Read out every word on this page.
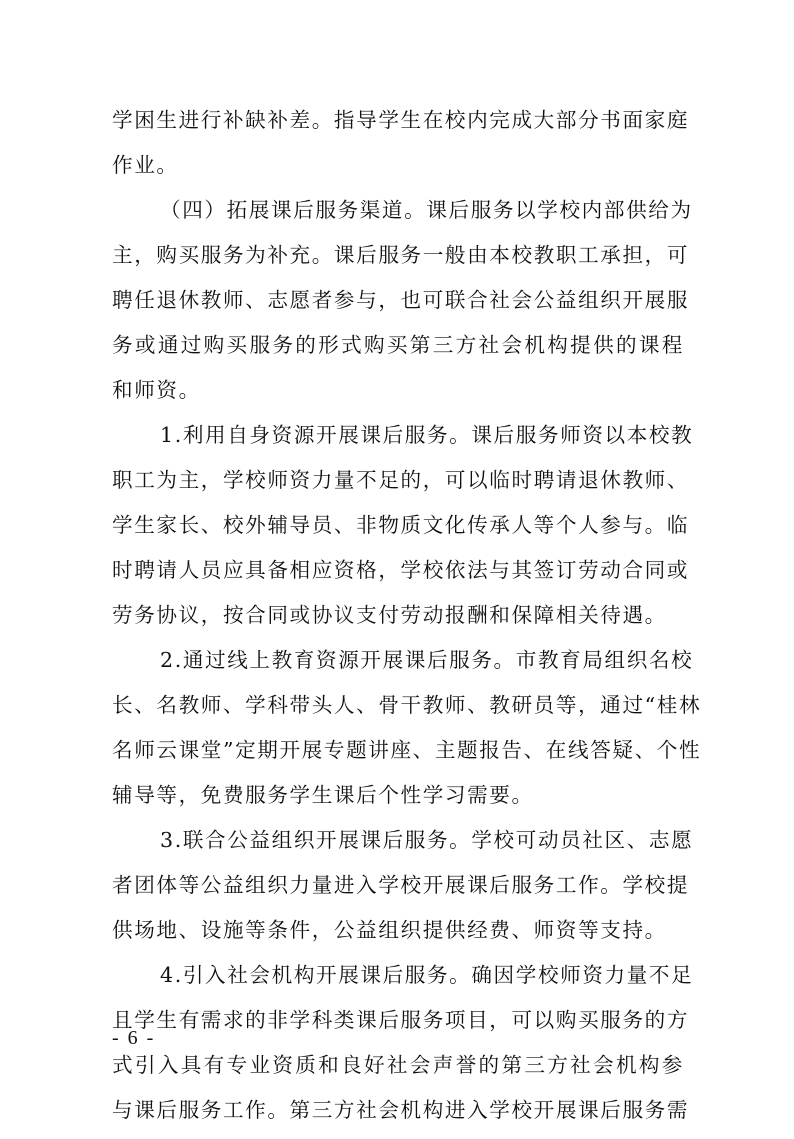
学困生进行补缺补差。指导学生在校内完成大部分书面家庭
作业。
（四）拓展课后服务渠道。课后服务以学校内部供给为
主，购买服务为补充。课后服务一般由本校教职工承担，可
聘任退休教师、志愿者参与，也可联合社会公益组织开展服
务或通过购买服务的形式购买第三方社会机构提供的课程
和师资。
1.利用自身资源开展课后服务。课后服务师资以本校教
职工为主，学校师资力量不足的，可以临时聘请退休教师、
学生家长、校外辅导员、非物质文化传承人等个人参与。临
时聘请人员应具备相应资格，学校依法与其签订劳动合同或
劳务协议，按合同或协议支付劳动报酬和保障相关待遇。
2.通过线上教育资源开展课后服务。市教育局组织名校
长、名教师、学科带头人、骨干教师、教研员等，通过“桂林
名师云课堂”定期开展专题讲座、主题报告、在线答疑、个性
辅导等，免费服务学生课后个性学习需要。
3.联合公益组织开展课后服务。学校可动员社区、志愿
者团体等公益组织力量进入学校开展课后服务工作。学校提
供场地、设施等条件，公益组织提供经费、师资等支持。
4.引入社会机构开展课后服务。确因学校师资力量不足
且学生有需求的非学科类课后服务项目，可以购买服务的方
式引入具有专业资质和良好社会声誉的第三方社会机构参
与课后服务工作。第三方社会机构进入学校开展课后服务需
- 6 -
